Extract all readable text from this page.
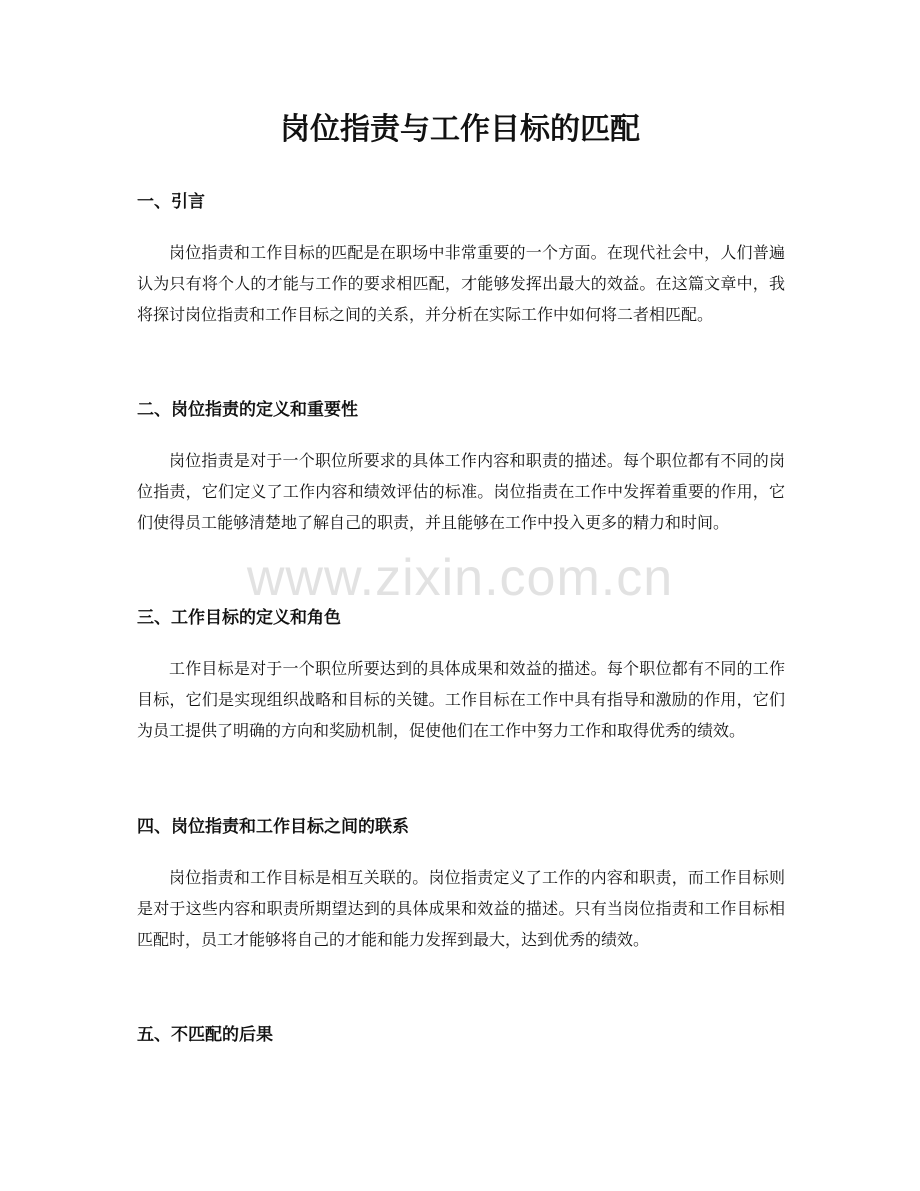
岗位指责与工作目标的匹配
一、引言

岗位指责和工作目标的匹配是在职场中非常重要的一个方面。在现代社会中，人们普遍认为只有将个人的才能与工作的要求相匹配，才能够发挥出最大的效益。在这篇文章中，我将探讨岗位指责和工作目标之间的关系，并分析在实际工作中如何将二者相匹配。

二、岗位指责的定义和重要性

岗位指责是对于一个职位所要求的具体工作内容和职责的描述。每个职位都有不同的岗位指责，它们定义了工作内容和绩效评估的标准。岗位指责在工作中发挥着重要的作用，它们使得员工能够清楚地了解自己的职责，并且能够在工作中投入更多的精力和时间。

三、工作目标的定义和角色

工作目标是对于一个职位所要达到的具体成果和效益的描述。每个职位都有不同的工作目标，它们是实现组织战略和目标的关键。工作目标在工作中具有指导和激励的作用，它们为员工提供了明确的方向和奖励机制，促使他们在工作中努力工作和取得优秀的绩效。

四、岗位指责和工作目标之间的联系

岗位指责和工作目标是相互关联的。岗位指责定义了工作的内容和职责，而工作目标则是对于这些内容和职责所期望达到的具体成果和效益的描述。只有当岗位指责和工作目标相匹配时，员工才能够将自己的才能和能力发挥到最大，达到优秀的绩效。

五、不匹配的后果
www.zixin.com.cn
